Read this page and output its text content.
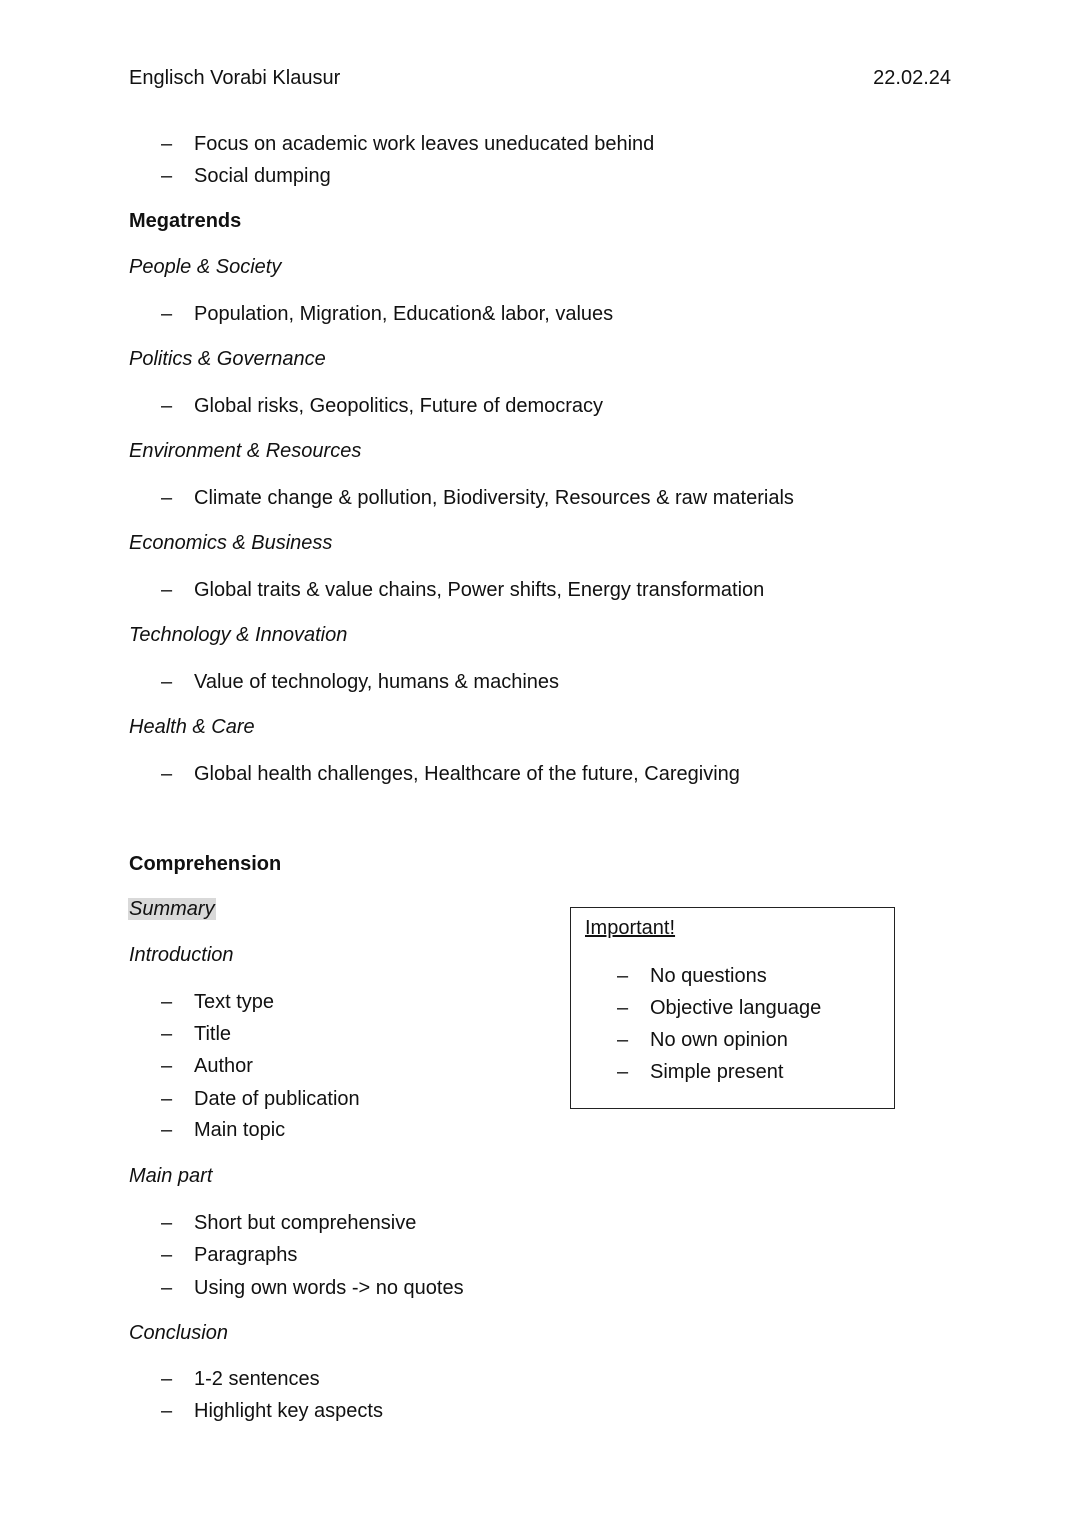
Englisch Vorabi Klausur	22.02.24
– Focus on academic work leaves uneducated behind
– Social dumping
Megatrends
People & Society
– Population, Migration, Education& labor, values
Politics & Governance
– Global risks, Geopolitics, Future of democracy
Environment & Resources
– Climate change & pollution, Biodiversity, Resources & raw materials
Economics & Business
– Global traits & value chains, Power shifts, Energy transformation
Technology & Innovation
– Value of technology, humans & machines
Health & Care
– Global health challenges, Healthcare of the future, Caregiving
Comprehension
Summary
Introduction
– Text type
– Title
– Author
– Date of publication
– Main topic
Main part
– Short but comprehensive
– Paragraphs
– Using own words -> no quotes
Conclusion
– 1-2 sentences
– Highlight key aspects
Important!
– No questions
– Objective language
– No own opinion
– Simple present
